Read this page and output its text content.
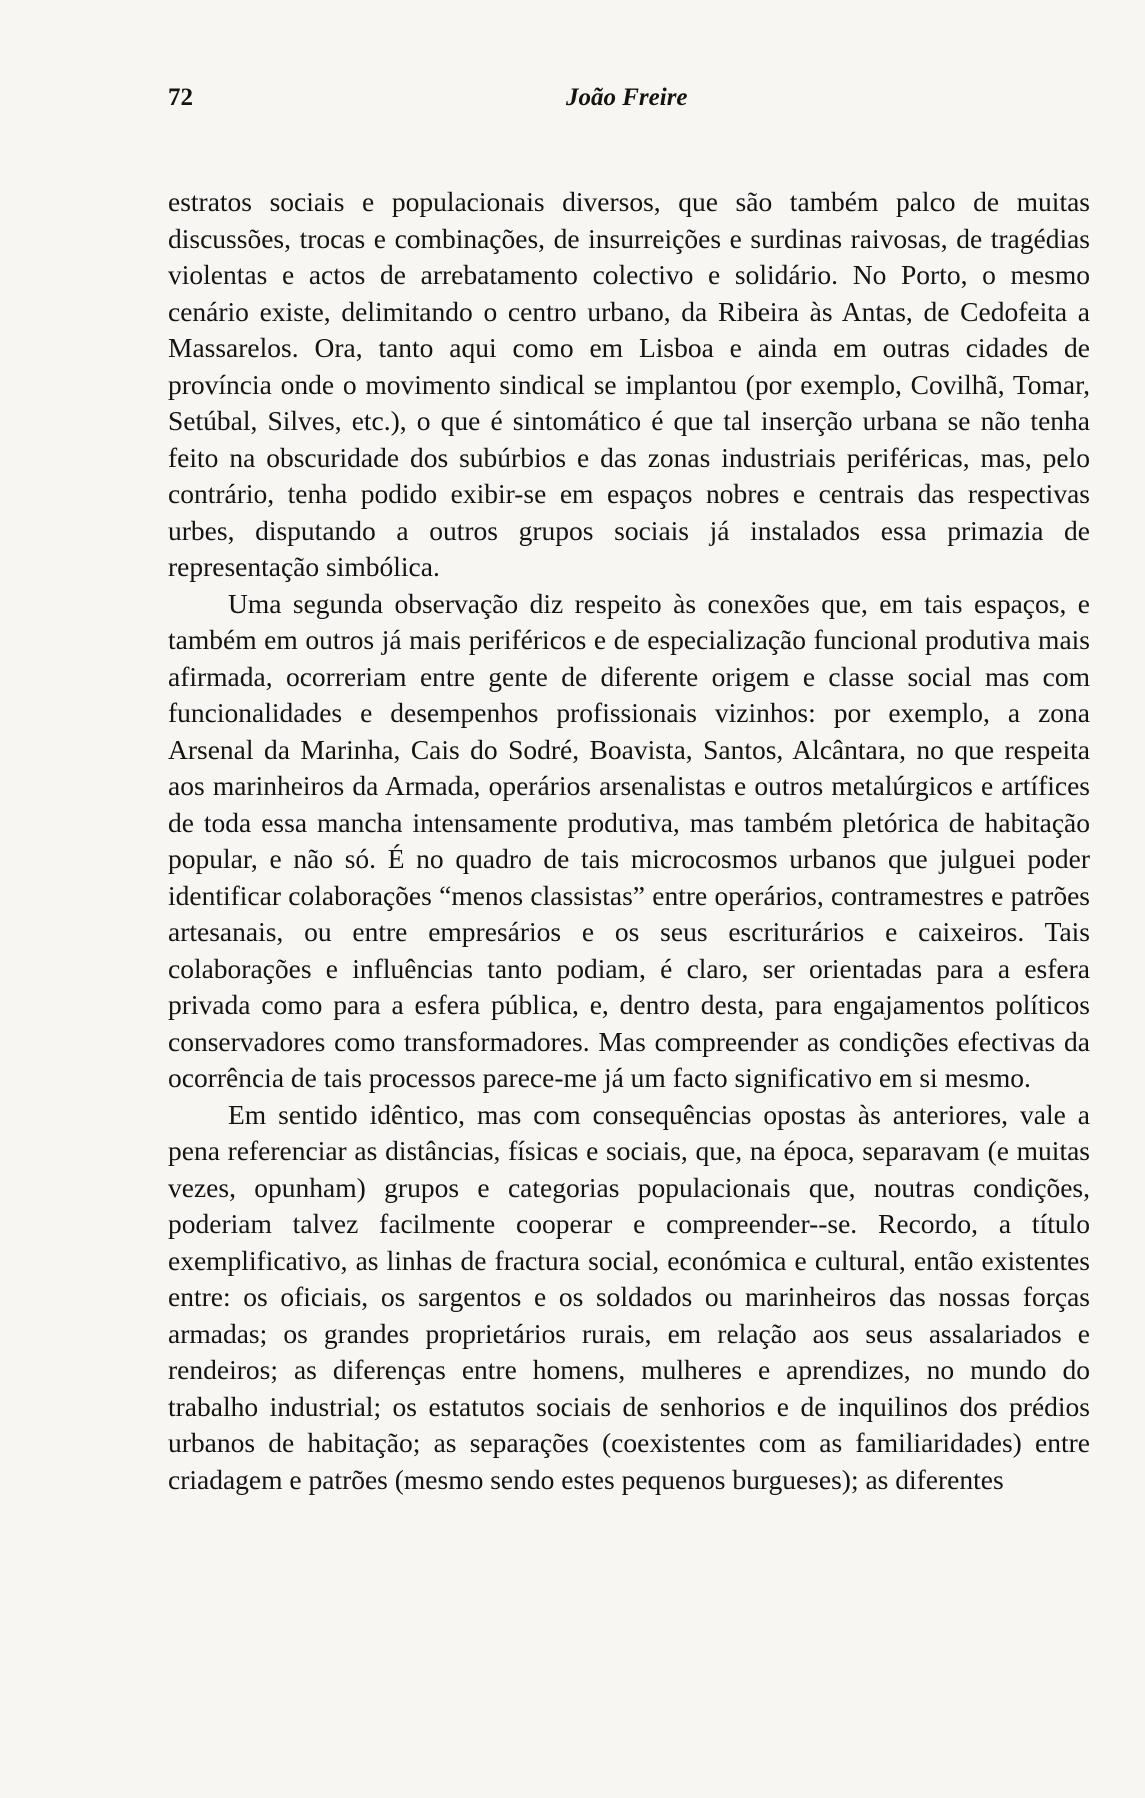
72	João Freire

estratos sociais e populacionais diversos, que são também palco de muitas discussões, trocas e combinações, de insurreições e surdinas raivosas, de tragédias violentas e actos de arrebatamento colectivo e solidário. No Porto, o mesmo cenário existe, delimitando o centro urbano, da Ribeira às Antas, de Cedofeita a Massarelos. Ora, tanto aqui como em Lisboa e ainda em outras cidades de província onde o movimento sindical se implantou (por exemplo, Covilhã, Tomar, Setúbal, Silves, etc.), o que é sintomático é que tal inserção urbana se não tenha feito na obscuridade dos subúrbios e das zonas industriais periféricas, mas, pelo contrário, tenha podido exibir-se em espaços nobres e centrais das respectivas urbes, disputando a outros grupos sociais já instalados essa primazia de representação simbólica.

Uma segunda observação diz respeito às conexões que, em tais espaços, e também em outros já mais periféricos e de especialização funcional produtiva mais afirmada, ocorreriam entre gente de diferente origem e classe social mas com funcionalidades e desempenhos profissionais vizinhos: por exemplo, a zona Arsenal da Marinha, Cais do Sodré, Boavista, Santos, Alcântara, no que respeita aos marinheiros da Armada, operários arsenalistas e outros metalúrgicos e artífices de toda essa mancha intensamente produtiva, mas também pletórica de habitação popular, e não só. É no quadro de tais microcosmos urbanos que julguei poder identificar colaborações “menos classistas” entre operários, contramestres e patrões artesanais, ou entre empresários e os seus escriturários e caixeiros. Tais colaborações e influências tanto podiam, é claro, ser orientadas para a esfera privada como para a esfera pública, e, dentro desta, para engajamentos políticos conservadores como transformadores. Mas compreender as condições efectivas da ocorrência de tais processos parece-me já um facto significativo em si mesmo.

Em sentido idêntico, mas com consequências opostas às anteriores, vale a pena referenciar as distâncias, físicas e sociais, que, na época, separavam (e muitas vezes, opunham) grupos e categorias populacionais que, noutras condições, poderiam talvez facilmente cooperar e compreender--se. Recordo, a título exemplificativo, as linhas de fractura social, económica e cultural, então existentes entre: os oficiais, os sargentos e os soldados ou marinheiros das nossas forças armadas; os grandes proprietários rurais, em relação aos seus assalariados e rendeiros; as diferenças entre homens, mulheres e aprendizes, no mundo do trabalho industrial; os estatutos sociais de senhorios e de inquilinos dos prédios urbanos de habitação; as separações (coexistentes com as familiaridades) entre criadagem e patrões (mesmo sendo estes pequenos burgueses); as diferentes
